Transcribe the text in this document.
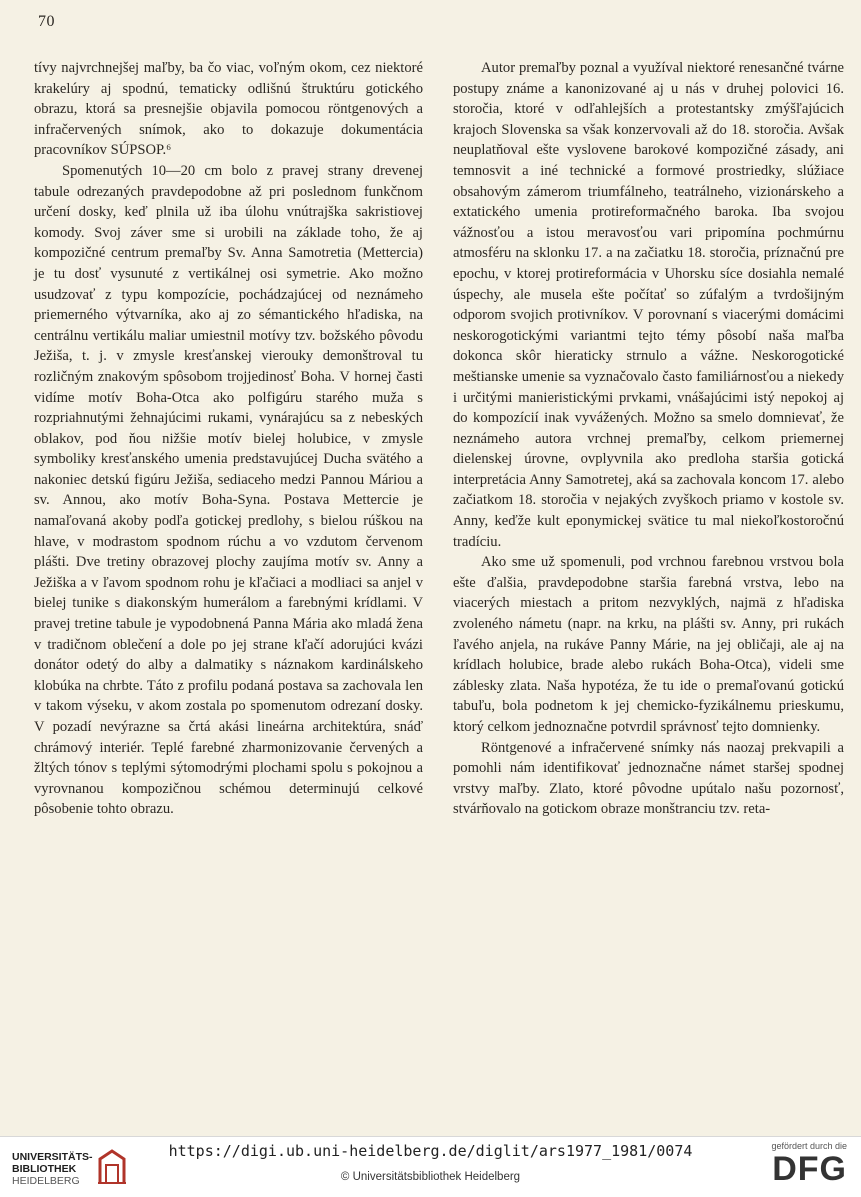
70

tívy najvrchnejšej maľby, ba čo viac, voľným okom, cez niektoré krakelúry aj spodnú, tematicky odlišnú štruktúru gotického obrazu, ktorá sa presnejšie objavila pomocou röntgenových a infračervených snímok, ako to dokazuje dokumentácia pracovníkov SÚPSOP.⁶

Spomenutých 10—20 cm bolo z pravej strany drevenej tabule odrezaných pravdepodobne až pri poslednom funkčnom určení dosky, keď plnila už iba úlohu vnútrajška sakristiovej komody. Svoj záver sme si urobili na základe toho, že aj kompozičné centrum premaľby Sv. Anna Samotretia (Mettercia) je tu dosť vysunuté z vertikálnej osi symetrie. Ako možno usudzovať z typu kompozície, pochádzajúcej od neznámeho priemerného výtvarníka, ako aj zo sémantického hľadiska, na centrálnu vertikálu maliar umiestnil motívy tzv. božského pôvodu Ježiša, t. j. v zmysle kresťanskej vierouky demonštroval tu rozličným znakovým spôsobom trojjedinosť Boha. V hornej časti vidíme motív Boha-Otca ako polfigúru starého muža s rozpriahnutými žehnajúcimi rukami, vynárajúcu sa z nebeských oblakov, pod ňou nižšie motív bielej holubice, v zmysle symboliky kresťanského umenia predstavujúcej Ducha svätého a nakoniec detskú figúru Ježiša, sediaceho medzi Pannou Máriou a sv. Annou, ako motív Boha-Syna. Postava Mettercie je namaľovaná akoby podľa gotickej predlohy, s bielou rúškou na hlave, v modrastom spodnom rúchu a vo vzdutom červenom plášti. Dve tretiny obrazovej plochy zaujíma motív sv. Anny a Ježiška a v ľavom spodnom rohu je kľačiaci a modliaci sa anjel v bielej tunike s diakonským humerálom a farebnými krídlami. V pravej tretine tabule je vypodobnená Panna Mária ako mladá žena v tradičnom oblečení a dole po jej strane kľačí adorujúci kvázi donátor odetý do alby a dalmatiky s náznakom kardinálskeho klobúka na chrbte. Táto z profilu podaná postava sa zachovala len v takom výseku, v akom zostala po spomenutom odrezaní dosky. V pozadí nevýrazne sa črtá akási lineárna architektúra, snáď chrámový interiér. Teplé farebné zharmonizovanie červených a žltých tónov s teplými sýtomodrými plochami spolu s pokojnou a vyrovnanou kompozičnou schémou determinujú celkové pôsobenie tohto obrazu.

Autor premaľby poznal a využíval niektoré renesančné tvárne postupy známe a kanonizované aj u nás v druhej polovici 16. storočia, ktoré v odľahlejších a protestantsky zmýšľajúcich krajoch Slovenska sa však konzervovali až do 18. storočia. Avšak neuplatňoval ešte vyslovene barokové kompozičné zásady, ani temnosvit a iné technické a formové prostriedky, slúžiace obsahovým zámerom triumfálneho, teatrálneho, vizionárskeho a extatického umenia protireformačného baroka. Iba svojou vážnosťou a istou meravosťou vari pripomína pochmúrnu atmosféru na sklonku 17. a na začiatku 18. storočia, príznačnú pre epochu, v ktorej protireformácia v Uhorsku síce dosiahla nemalé úspechy, ale musela ešte počítať so zúfalým a tvrdošijným odporom svojich protivníkov. V porovnaní s viacerými domácimi neskorogotickými variantmi tejto témy pôsobí naša maľba dokonca skôr hieraticky strnulo a vážne. Neskorogotické meštianske umenie sa vyznačovalo často familiárnosťou a niekedy i určitými manieristickými prvkami, vnášajúcimi istý nepokoj aj do kompozícií inak vyvážených. Možno sa smelo domnievať, že neznámeho autora vrchnej premaľby, celkom priemernej dielenskej úrovne, ovplyvnila ako predloha staršia gotická interpretácia Anny Samotretej, aká sa zachovala koncom 17. alebo začiatkom 18. storočia v nejakých zvyškoch priamo v kostole sv. Anny, keďže kult eponymickej svätice tu mal niekoľkostoročnú tradíciu.

Ako sme už spomenuli, pod vrchnou farebnou vrstvou bola ešte ďalšia, pravdepodobne staršia farebná vrstva, lebo na viacerých miestach a pritom nezvyklých, najmä z hľadiska zvoleného námetu (napr. na krku, na plášti sv. Anny, pri rukách ľavého anjela, na rukáve Panny Márie, na jej obličaji, ale aj na krídlach holubice, brade alebo rukách Boha-Otca), videli sme záblesky zlata. Naša hypotéza, že tu ide o premaľovanú gotickú tabuľu, bola podnetom k jej chemicko-fyzikálnemu prieskumu, ktorý celkom jednoznačne potvrdil správnosť tejto domnienky.

Röntgenové a infračervené snímky nás naozaj prekvapili a pomohli nám identifikovať jednoznačne námet staršej spodnej vrstvy maľby. Zlato, ktoré pôvodne upútalo našu pozornosť, stvárňovalo na gotickom obraze monštranciu tzv. reta-

UNIVERSITÄTS-
BIBLIOTHEK
HEIDELBERG
https://digi.ub.uni-heidelberg.de/diglit/ars1977_1981/0074
© Universitätsbibliothek Heidelberg
gefördert durch die
DFG
